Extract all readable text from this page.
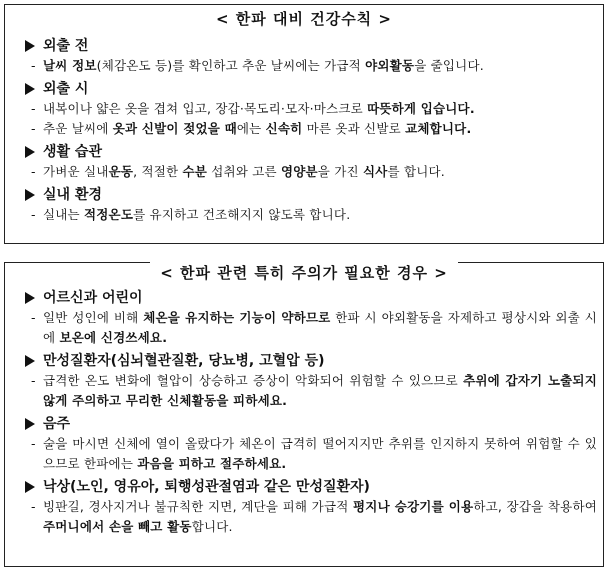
< 한파 대비 건강수칙 >
외출 전
- 날씨 정보(체감온도 등)를 확인하고 추운 날씨에는 가급적 야외활동을 줄입니다.
외출 시
- 내복이나 얇은 옷을 겹쳐 입고, 장갑·목도리·모자·마스크로 따뜻하게 입습니다.
- 추운 날씨에 옷과 신발이 젖었을 때에는 신속히 마른 옷과 신발로 교체합니다.
생활 습관
- 가벼운 실내운동, 적절한 수분 섭취와 고른 영양분을 가진 식사를 합니다.
실내 환경
- 실내는 적정온도를 유지하고 건조해지지 않도록 합니다.
< 한파 관련 특히 주의가 필요한 경우 >
어르신과 어린이
- 일반 성인에 비해 체온을 유지하는 기능이 약하므로 한파 시 야외활동을 자제하고 평상시와 외출 시에 보온에 신경쓰세요.
만성질환자(심뇌혈관질환, 당뇨병, 고혈압 등)
- 급격한 온도 변화에 혈압이 상승하고 증상이 악화되어 위험할 수 있으므로 추위에 갑자기 노출되지 않게 주의하고 무리한 신체활동을 피하세요.
음주
- 술을 마시면 신체에 열이 올랐다가 체온이 급격히 떨어지지만 추위를 인지하지 못하여 위험할 수 있으므로 한파에는 과음을 피하고 절주하세요.
낙상(노인, 영유아, 퇴행성관절염과 같은 만성질환자)
- 빙판길, 경사지거나 불규칙한 지면, 계단을 피해 가급적 평지나 승강기를 이용하고, 장갑을 착용하여 주머니에서 손을 빼고 활동합니다.
